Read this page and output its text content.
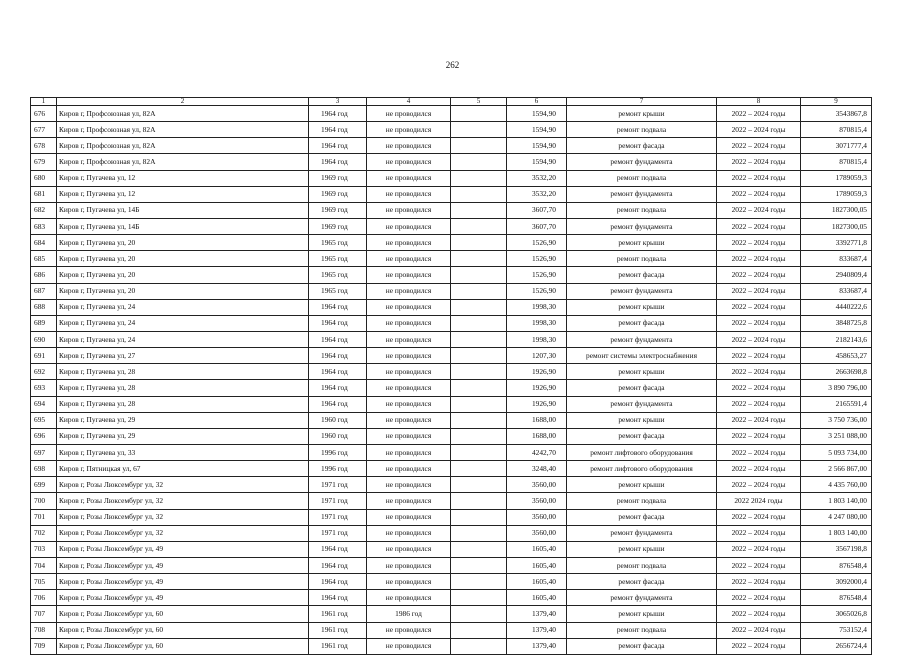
262
1	2	3	4	5	6	7	8	9
676	Киров г, Профсоюзная ул, 82А	1964 год	не проводился		1594,90	ремонт крыши	2022 – 2024 годы	3543867,8
677	Киров г, Профсоюзная ул, 82А	1964 год	не проводился		1594,90	ремонт подвала	2022 – 2024 годы	870815,4
678	Киров г, Профсоюзная ул, 82А	1964 год	не проводился		1594,90	ремонт фасада	2022 – 2024 годы	3071777,4
679	Киров г, Профсоюзная ул, 82А	1964 год	не проводился		1594,90	ремонт фундамента	2022 – 2024 годы	870815,4
680	Киров г, Пугачева ул, 12	1969 год	не проводился		3532,20	ремонт подвала	2022 – 2024 годы	1789059,3
681	Киров г, Пугачева ул, 12	1969 год	не проводился		3532,20	ремонт фундамента	2022 – 2024 годы	1789059,3
682	Киров г, Пугачева ул, 14Б	1969 год	не проводился		3607,70	ремонт подвала	2022 – 2024 годы	1827300,05
683	Киров г, Пугачева ул, 14Б	1969 год	не проводился		3607,70	ремонт фундамента	2022 – 2024 годы	1827300,05
684	Киров г, Пугачева ул, 20	1965 год	не проводился		1526,90	ремонт крыши	2022 – 2024 годы	3392771,8
685	Киров г, Пугачева ул, 20	1965 год	не проводился		1526,90	ремонт подвала	2022 – 2024 годы	833687,4
686	Киров г, Пугачева ул, 20	1965 год	не проводился		1526,90	ремонт фасада	2022 – 2024 годы	2940809,4
687	Киров г, Пугачева ул, 20	1965 год	не проводился		1526,90	ремонт фундамента	2022 – 2024 годы	833687,4
688	Киров г, Пугачева ул, 24	1964 год	не проводился		1998,30	ремонт крыши	2022 – 2024 годы	4440222,6
689	Киров г, Пугачева ул, 24	1964 год	не проводился		1998,30	ремонт фасада	2022 – 2024 годы	3848725,8
690	Киров г, Пугачева ул, 24	1964 год	не проводился		1998,30	ремонт фундамента	2022 – 2024 годы	2182143,6
691	Киров г, Пугачева ул, 27	1964 год	не проводился		1207,30	ремонт системы электроснабжения	2022 – 2024 годы	458653,27
692	Киров г, Пугачева ул, 28	1964 год	не проводился		1926,90	ремонт крыши	2022 – 2024 годы	2663698,8
693	Киров г, Пугачева ул, 28	1964 год	не проводился		1926,90	ремонт фасада	2022 – 2024 годы	3 890 796,00
694	Киров г, Пугачева ул, 28	1964 год	не проводился		1926,90	ремонт фундамента	2022 – 2024 годы	2165591,4
695	Киров г, Пугачева ул, 29	1960 год	не проводился		1688,00	ремонт крыши	2022 – 2024 годы	3 750 736,00
696	Киров г, Пугачева ул, 29	1960 год	не проводился		1688,00	ремонт фасада	2022 – 2024 годы	3 251 088,00
697	Киров г, Пугачева ул, 33	1996 год	не проводился		4242,70	ремонт лифтового оборудования	2022 – 2024 годы	5 093 734,00
698	Киров г, Пятницкая ул, 67	1996 год	не проводился		3248,40	ремонт лифтового оборудования	2022 – 2024 годы	2 566 867,00
699	Киров г, Розы Люксембург ул, 32	1971 год	не проводился		3560,00	ремонт крыши	2022 – 2024 годы	4 435 760,00
700	Киров г, Розы Люксембург ул, 32	1971 год	не проводился		3560,00	ремонт подвала	2022 2024 годы	1 803 140,00
701	Киров г, Розы Люксембург ул, 32	1971 год	не проводился		3560,00	ремонт фасада	2022 – 2024 годы	4 247 080,00
702	Киров г, Розы Люксембург ул, 32	1971 год	не проводился		3560,00	ремонт фундамента	2022 – 2024 годы	1 803 140,00
703	Киров г, Розы Люксембург ул, 49	1964 год	не проводился		1605,40	ремонт крыши	2022 – 2024 годы	3567198,8
704	Киров г, Розы Люксембург ул, 49	1964 год	не проводился		1605,40	ремонт подвала	2022 – 2024 годы	876548,4
705	Киров г, Розы Люксембург ул, 49	1964 год	не проводился		1605,40	ремонт фасада	2022 – 2024 годы	3092000,4
706	Киров г, Розы Люксембург ул, 49	1964 год	не проводился		1605,40	ремонт фундамента	2022 – 2024 годы	876548,4
707	Киров г, Розы Люксембург ул, 60	1961 год	1986 год		1379,40	ремонт крыши	2022 – 2024 годы	3065026,8
708	Киров г, Розы Люксембург ул, 60	1961 год	не проводился		1379,40	ремонт подвала	2022 – 2024 годы	753152,4
709	Киров г, Розы Люксембург ул, 60	1961 год	не проводился		1379,40	ремонт фасада	2022 – 2024 годы	2656724,4
